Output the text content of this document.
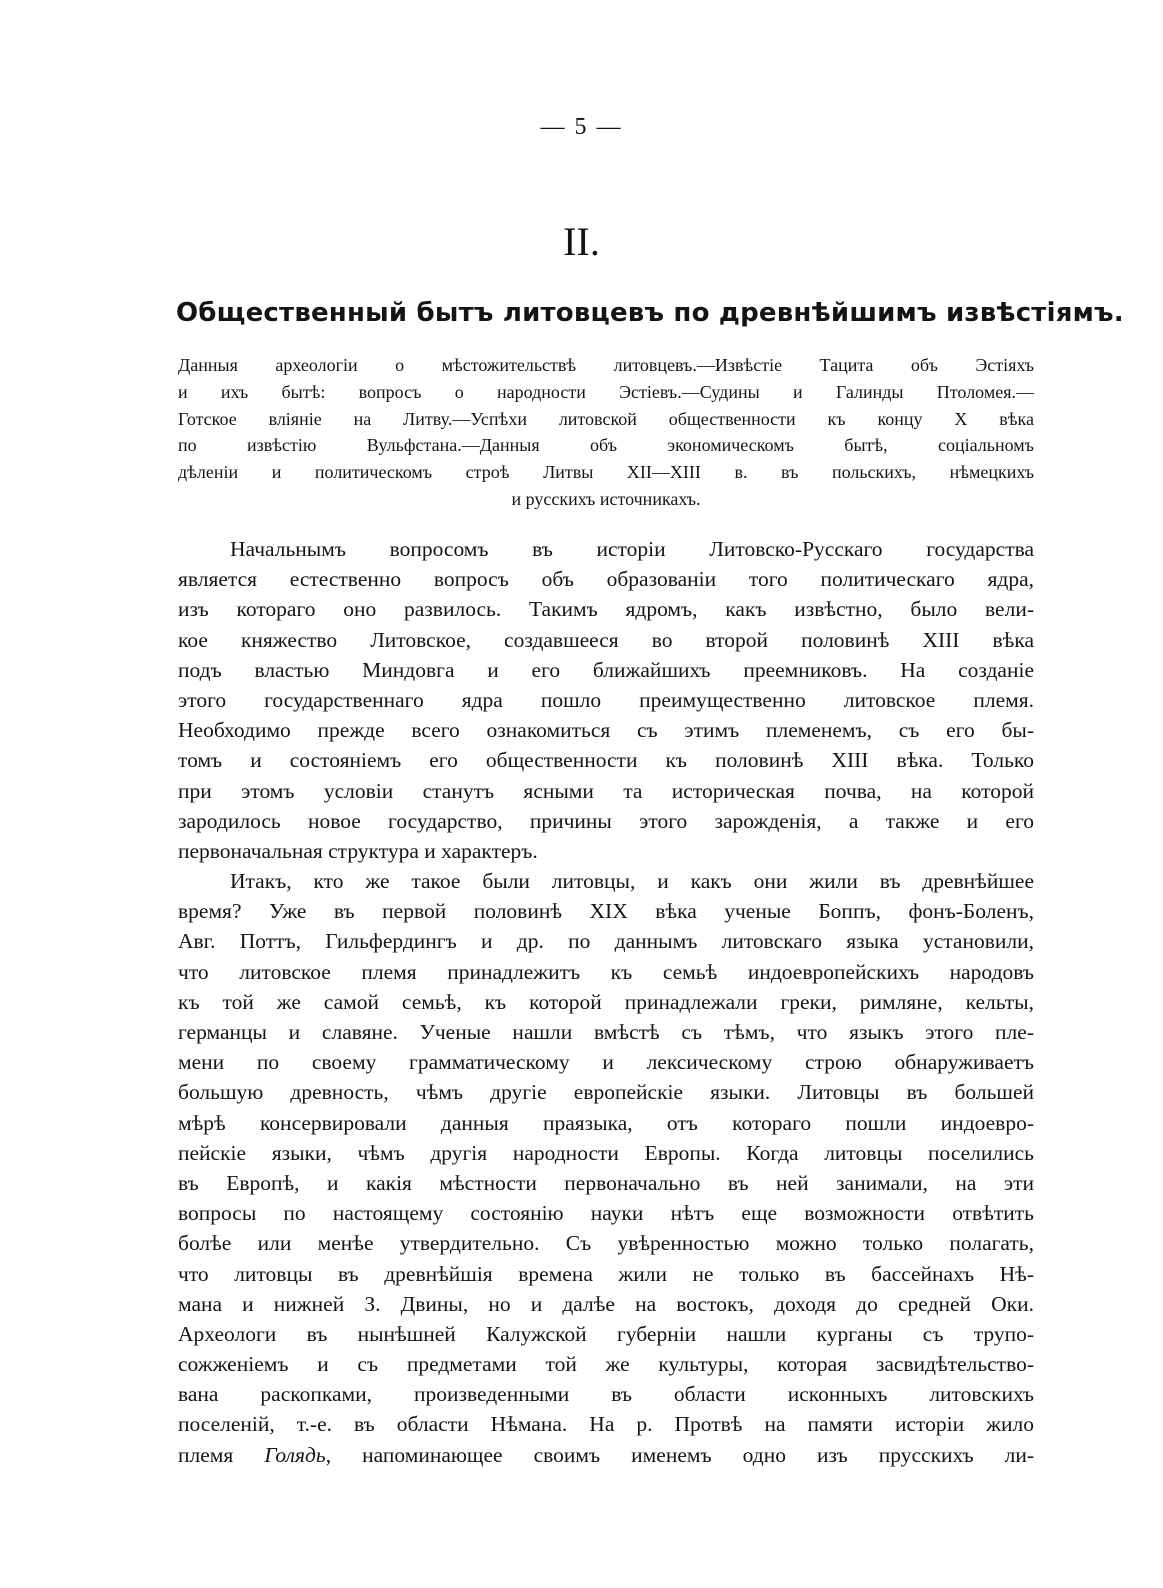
— 5 —
II.
Общественный бытъ литовцевъ по древнѣйшимъ извѣстіямъ.
Данныя археологіи о мѣстожительствѣ литовцевъ.—Извѣстіе Тацита объ Эстіяхъ
и ихъ бытѣ: вопросъ о народности Эстіевъ.—Судины и Галинды Птоломея.—
Готское вліяніе на Литву.—Успѣхи литовской общественности къ концу X вѣка
по извѣстію Вульфстана.—Данныя объ экономическомъ бытѣ, соціальномъ
дѣленіи и политическомъ строѣ Литвы XII—XIII в. въ польскихъ, нѣмецкихъ
и русскихъ источникахъ.
Начальнымъ вопросомъ въ исторіи Литовско-Русскаго государства
является естественно вопросъ объ образованіи того политическаго ядра,
изъ котораго оно развилось. Такимъ ядромъ, какъ извѣстно, было вели-
кое княжество Литовское, создавшееся во второй половинѣ XIII вѣка
подъ властью Миндовга и его ближайшихъ преемниковъ. На созданіе
этого государственнаго ядра пошло преимущественно литовское племя.
Необходимо прежде всего ознакомиться съ этимъ племенемъ, съ его бы-
томъ и состояніемъ его общественности къ половинѣ XIII вѣка. Только
при этомъ условіи станутъ ясными та историческая почва, на которой
зародилось новое государство, причины этого зарожденія, а также и его
первоначальная структура и характеръ.
Итакъ, кто же такое были литовцы, и какъ они жили въ древнѣйшее
время? Уже въ первой половинѣ XIX вѣка ученые Боппъ, фонъ-Боленъ,
Авг. Поттъ, Гильфердингъ и др. по даннымъ литовскаго языка установили,
что литовское племя принадлежитъ къ семьѣ индоевропейскихъ народовъ
къ той же самой семьѣ, къ которой принадлежали греки, римляне, кельты,
германцы и славяне. Ученые нашли вмѣстѣ съ тѣмъ, что языкъ этого пле-
мени по своему грамматическому и лексическому строю обнаруживаетъ
большую древность, чѣмъ другіе европейскіе языки. Литовцы въ большей
мѣрѣ консервировали данныя праязыка, отъ котораго пошли индоевро-
пейскіе языки, чѣмъ другія народности Европы. Когда литовцы поселились
въ Европѣ, и какія мѣстности первоначально въ ней занимали, на эти
вопросы по настоящему состоянію науки нѣтъ еще возможности отвѣтить
болѣе или менѣе утвердительно. Съ увѣренностью можно только полагать,
что литовцы въ древнѣйшія времена жили не только въ бассейнахъ Нѣ-
мана и нижней З. Двины, но и далѣе на востокъ, доходя до средней Оки.
Археологи въ нынѣшней Калужской губерніи нашли курганы съ трупо-
сожженіемъ и съ предметами той же культуры, которая засвидѣтельство-
вана раскопками, произведенными въ области исконныхъ литовскихъ
поселеній, т.-е. въ области Нѣмана. На р. Протвѣ на памяти исторіи жило
племя Голядь, напоминающее своимъ именемъ одно изъ прусскихъ ли-
